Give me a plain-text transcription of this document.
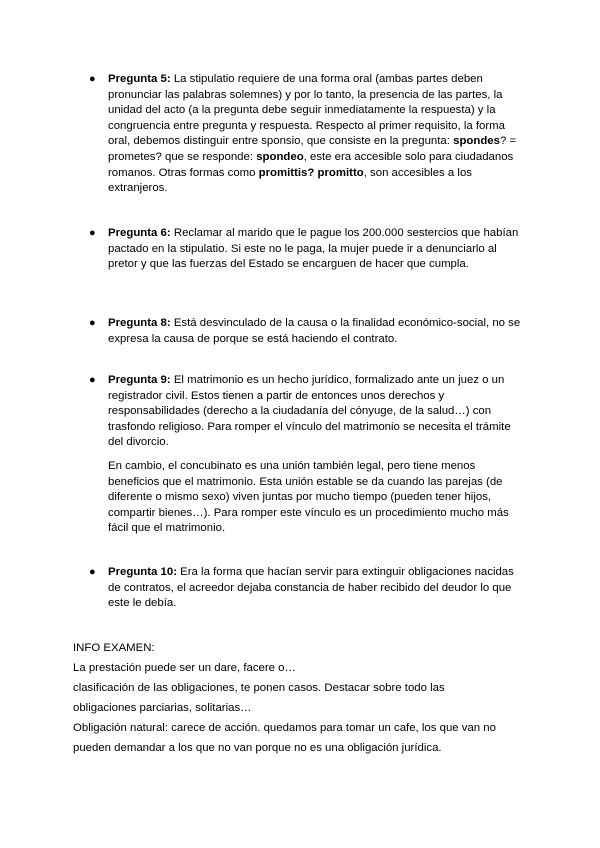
● Pregunta 5: La stipulatio requiere de una forma oral (ambas partes deben pronunciar las palabras solemnes) y por lo tanto, la presencia de las partes, la unidad del acto (a la pregunta debe seguir inmediatamente la respuesta) y la congruencia entre pregunta y respuesta. Respecto al primer requisito, la forma oral, debemos distinguir entre sponsio, que consiste en la pregunta: spondes? = prometes? que se responde: spondeo, este era accesible solo para ciudadanos romanos. Otras formas como promittis? promitto, son accesibles a los extranjeros.

● Pregunta 6: Reclamar al marido que le pague los 200.000 sestercios que habían pactado en la stipulatio. Si este no le paga, la mujer puede ir a denunciarlo al pretor y que las fuerzas del Estado se encarguen de hacer que cumpla.

● Pregunta 8: Está desvinculado de la causa o la finalidad económico-social, no se expresa la causa de porque se está haciendo el contrato.

● Pregunta 9: El matrimonio es un hecho jurídico, formalizado ante un juez o un registrador civil. Estos tienen a partir de entonces unos derechos y responsabilidades (derecho a la ciudadanía del cónyuge, de la salud…) con trasfondo religioso. Para romper el vínculo del matrimonio se necesita el trámite del divorcio.

En cambio, el concubinato es una unión también legal, pero tiene menos beneficios que el matrimonio. Esta unión estable se da cuando las parejas (de diferente o mismo sexo) viven juntas por mucho tiempo (pueden tener hijos, compartir bienes…). Para romper este vínculo es un procedimiento mucho más fácil que el matrimonio.

● Pregunta 10: Era la forma que hacían servir para extinguir obligaciones nacidas de contratos, el acreedor dejaba constancia de haber recibido del deudor lo que este le debía.

INFO EXAMEN:
La prestación puede ser un dare, facere o…
clasificación de las obligaciones, te ponen casos. Destacar sobre todo las
obligaciones parciarias, solitarias…
Obligación natural: carece de acción. quedamos para tomar un cafe, los que van no
pueden demandar a los que no van porque no es una obligación jurídica.
